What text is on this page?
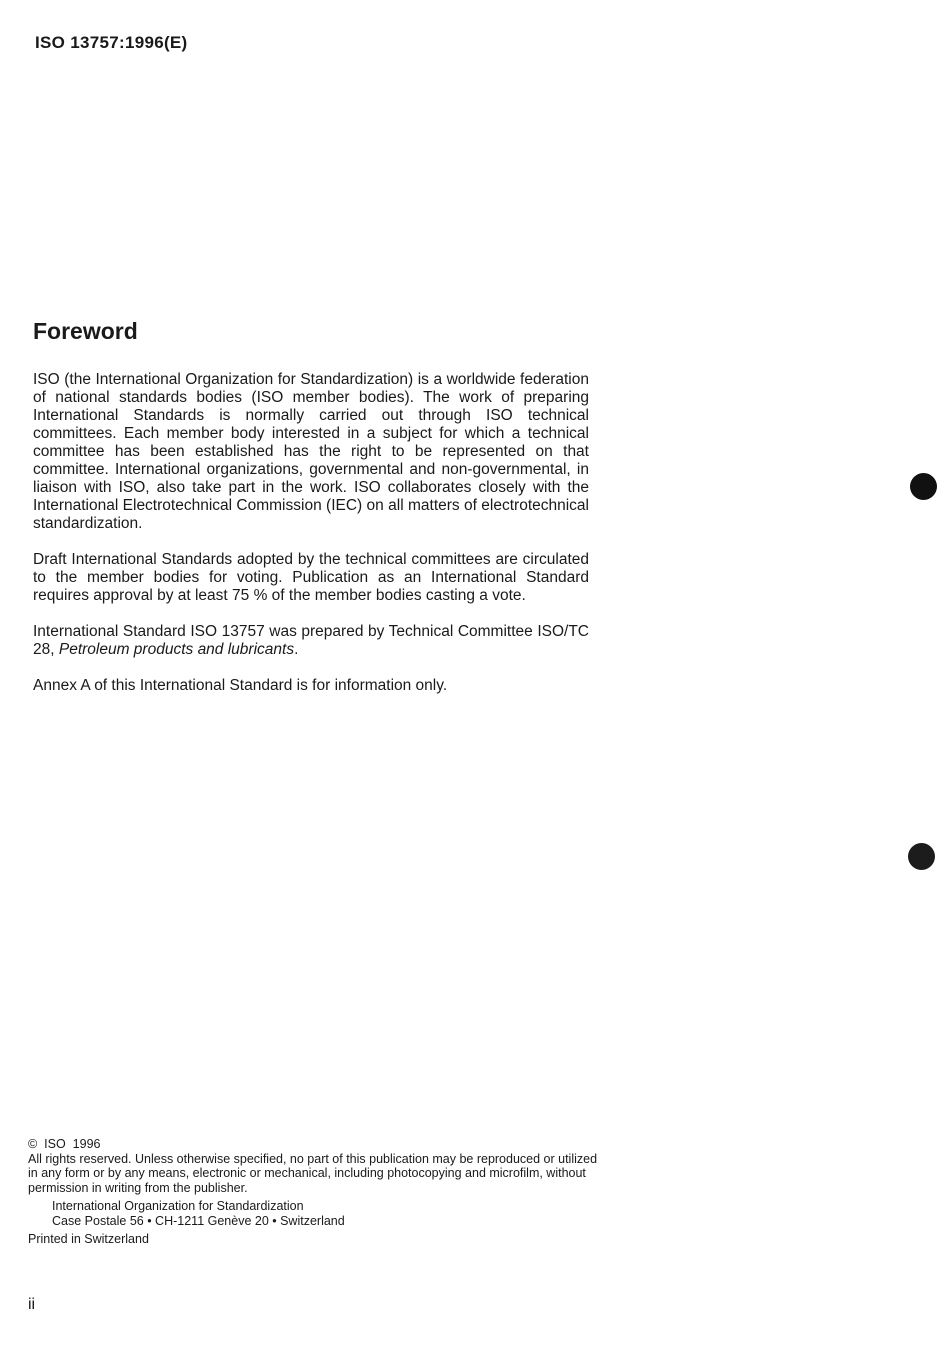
ISO 13757:1996(E)
Foreword

ISO (the International Organization for Standardization) is a worldwide federation of national standards bodies (ISO member bodies). The work of preparing International Standards is normally carried out through ISO technical committees. Each member body interested in a subject for which a technical committee has been established has the right to be represented on that committee. International organizations, governmental and non-governmental, in liaison with ISO, also take part in the work. ISO collaborates closely with the International Electrotechnical Commission (IEC) on all matters of electrotechnical standardization.

Draft International Standards adopted by the technical committees are circulated to the member bodies for voting. Publication as an International Standard requires approval by at least 75 % of the member bodies casting a vote.

International Standard ISO 13757 was prepared by Technical Committee ISO/TC 28, Petroleum products and lubricants.

Annex A of this International Standard is for information only.

© ISO 1996
All rights reserved. Unless otherwise specified, no part of this publication may be reproduced or utilized in any form or by any means, electronic or mechanical, including photocopying and microfilm, without permission in writing from the publisher.
International Organization for Standardization
Case Postale 56 • CH-1211 Genève 20 • Switzerland
Printed in Switzerland
ii
